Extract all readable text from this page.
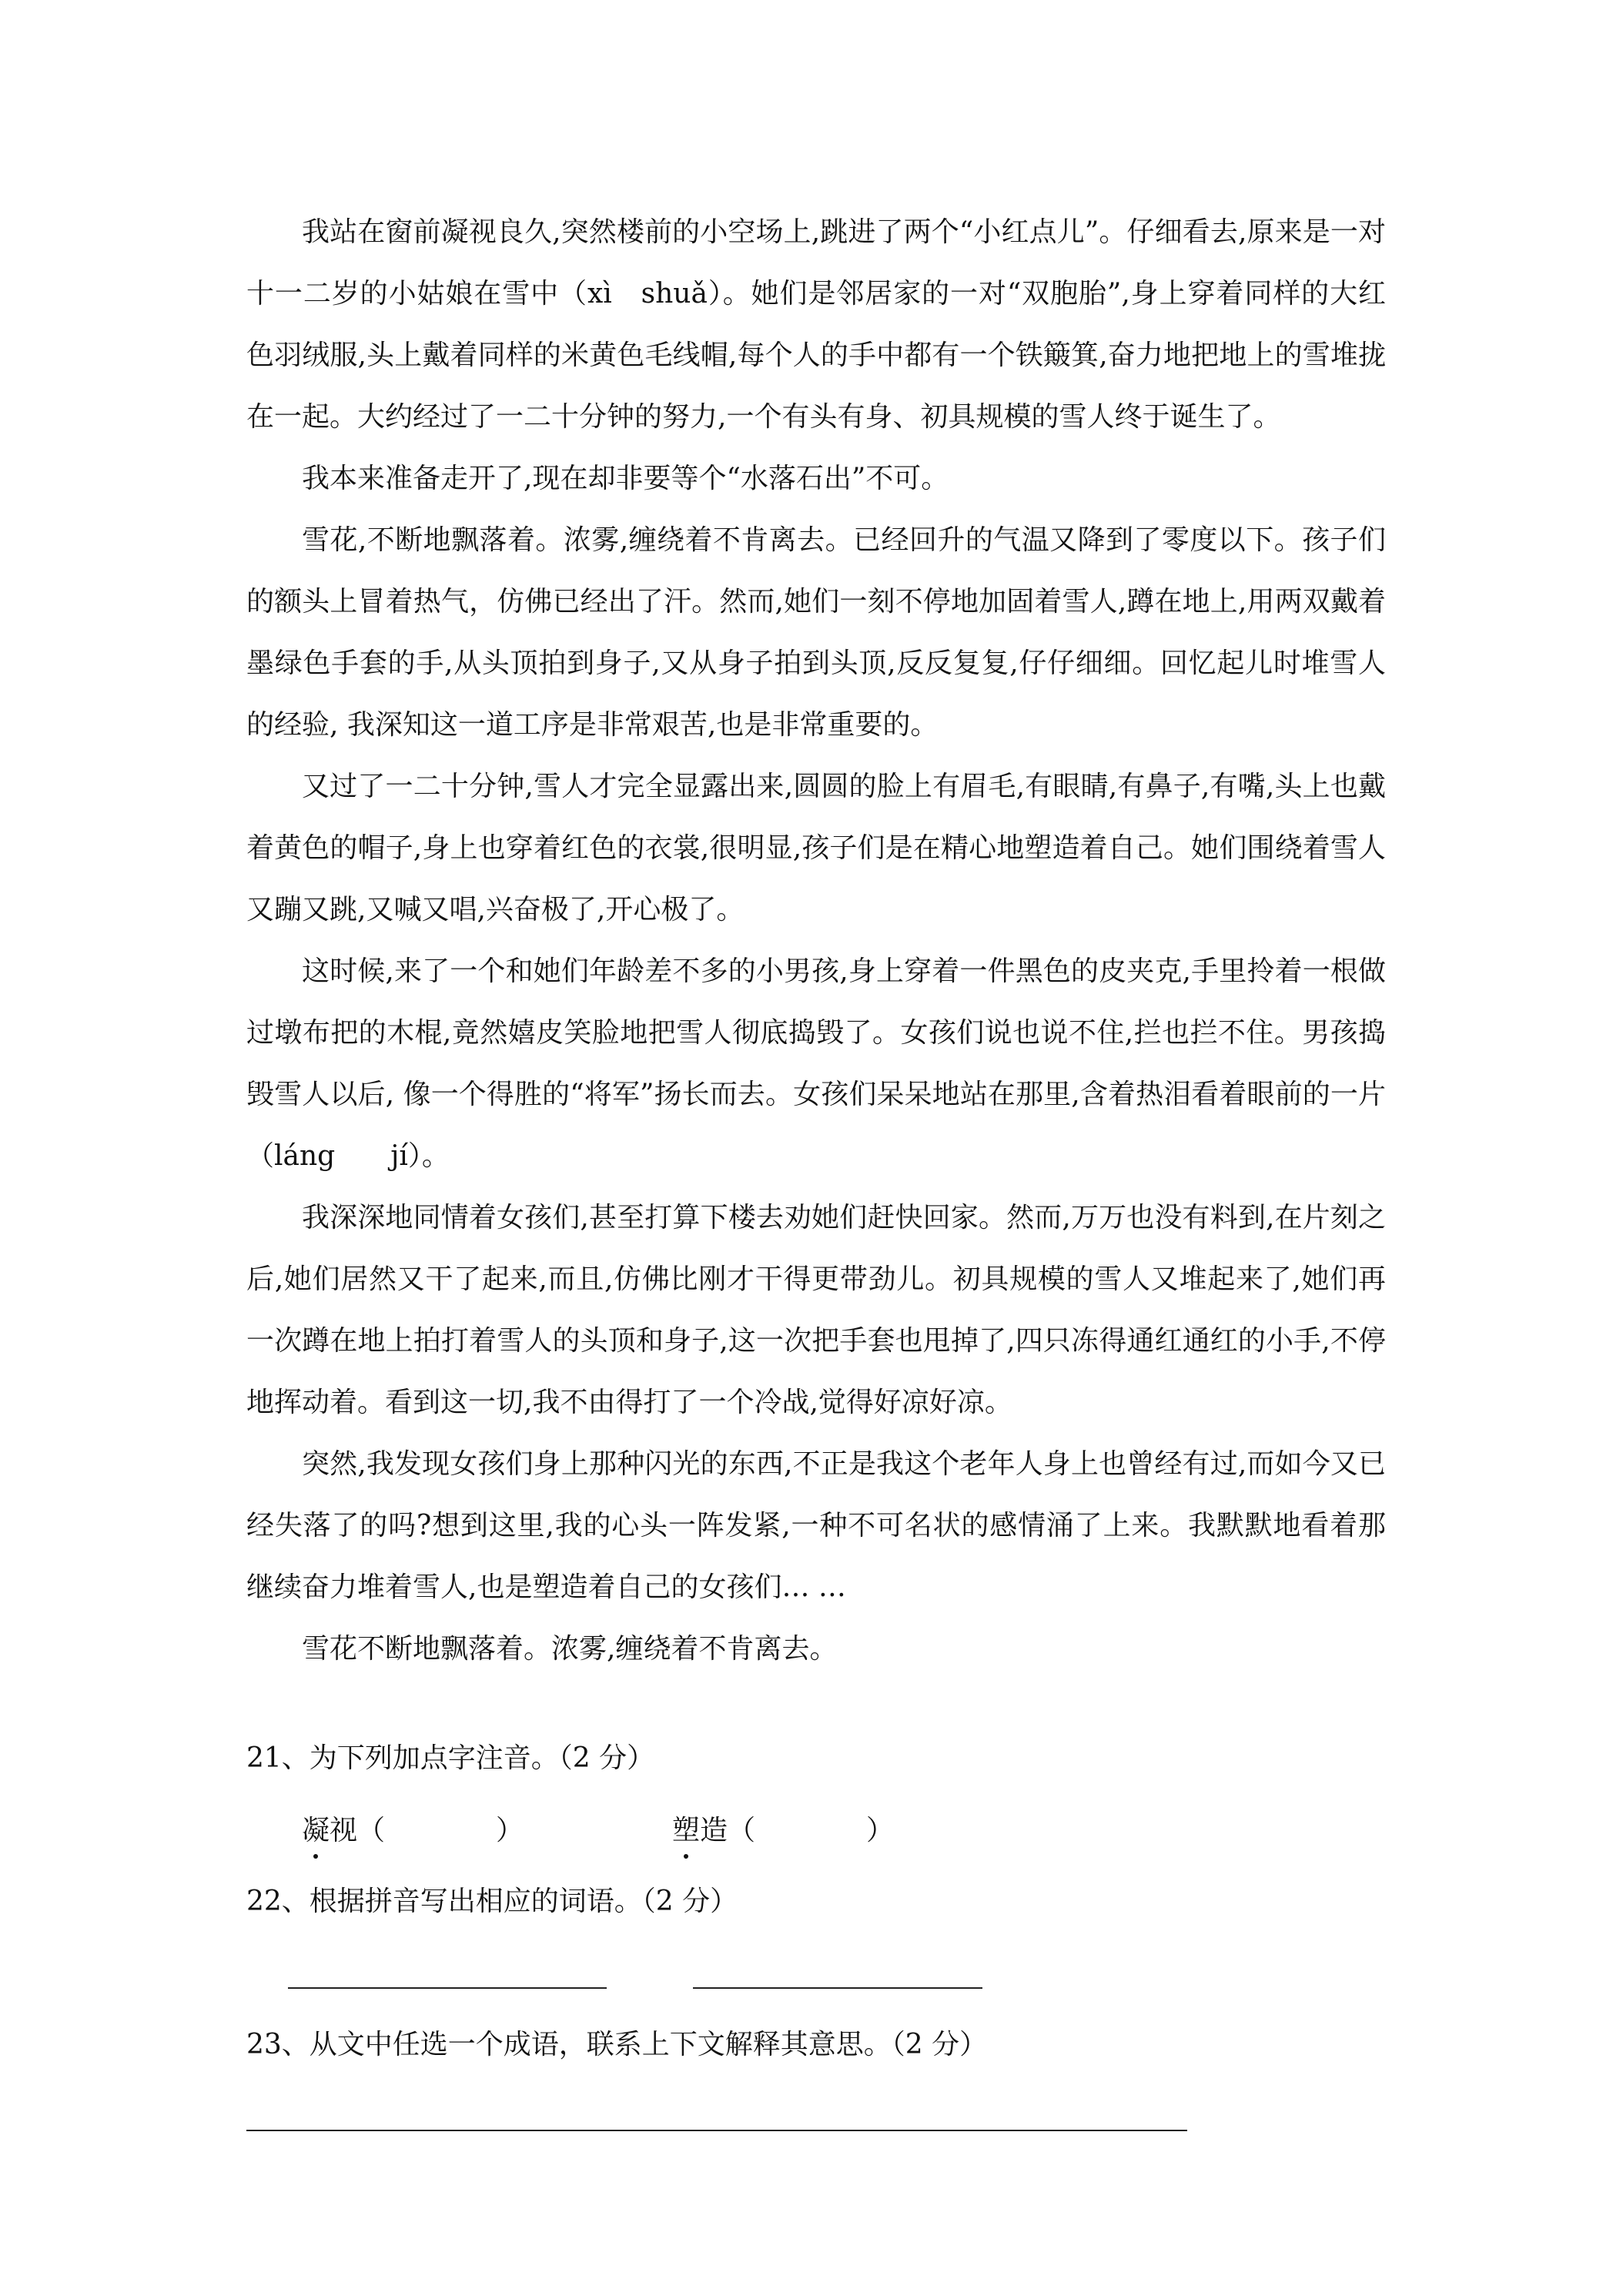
我站在窗前凝视良久,突然楼前的小空场上,跳进了两个“小红点儿”。仔细看去,原来是一对十一二岁的小姑娘在雪中（xì　shuǎ）。她们是邻居家的一对“双胞胎”,身上穿着同样的大红色羽绒服,头上戴着同样的米黄色毛线帽,每个人的手中都有一个铁簸箕,奋力地把地上的雪堆拢在一起。大约经过了一二十分钟的努力,一个有头有身、初具规模的雪人终于诞生了。

我本来准备走开了,现在却非要等个“水落石出”不可。

雪花,不断地飘落着。浓雾,缠绕着不肯离去。已经回升的气温又降到了零度以下。孩子们的额头上冒着热气，仿佛已经出了汗。然而,她们一刻不停地加固着雪人,蹲在地上,用两双戴着墨绿色手套的手,从头顶拍到身子,又从身子拍到头顶,反反复复,仔仔细细。回忆起儿时堆雪人的经验, 我深知这一道工序是非常艰苦,也是非常重要的。

又过了一二十分钟,雪人才完全显露出来,圆圆的脸上有眉毛,有眼睛,有鼻子,有嘴,头上也戴着黄色的帽子,身上也穿着红色的衣裳,很明显,孩子们是在精心地塑造着自己。她们围绕着雪人又蹦又跳,又喊又唱,兴奋极了,开心极了。

这时候,来了一个和她们年龄差不多的小男孩,身上穿着一件黑色的皮夹克,手里拎着一根做过墩布把的木棍,竟然嬉皮笑脸地把雪人彻底捣毁了。女孩们说也说不住,拦也拦不住。男孩捣毁雪人以后, 像一个得胜的“将军”扬长而去。女孩们呆呆地站在那里,含着热泪看着眼前的一片（láng　　jí）。

我深深地同情着女孩们,甚至打算下楼去劝她们赶快回家。然而,万万也没有料到,在片刻之后,她们居然又干了起来,而且,仿佛比刚才干得更带劲儿。初具规模的雪人又堆起来了,她们再一次蹲在地上拍打着雪人的头顶和身子,这一次把手套也甩掉了,四只冻得通红通红的小手,不停地挥动着。看到这一切,我不由得打了一个冷战,觉得好凉好凉。

突然,我发现女孩们身上那种闪光的东西,不正是我这个老年人身上也曾经有过,而如今又已经失落了的吗?想到这里,我的心头一阵发紧,一种不可名状的感情涌了上来。我默默地看着那继续奋力堆着雪人,也是塑造着自己的女孩们… …

雪花不断地飘落着。浓雾,缠绕着不肯离去。

21、为下列加点字注音。（2 分）
凝视（　　　　）	塑造（　　　　）
22、根据拼音写出相应的词语。（2 分）
23、从文中任选一个成语，联系上下文解释其意思。（2 分）
